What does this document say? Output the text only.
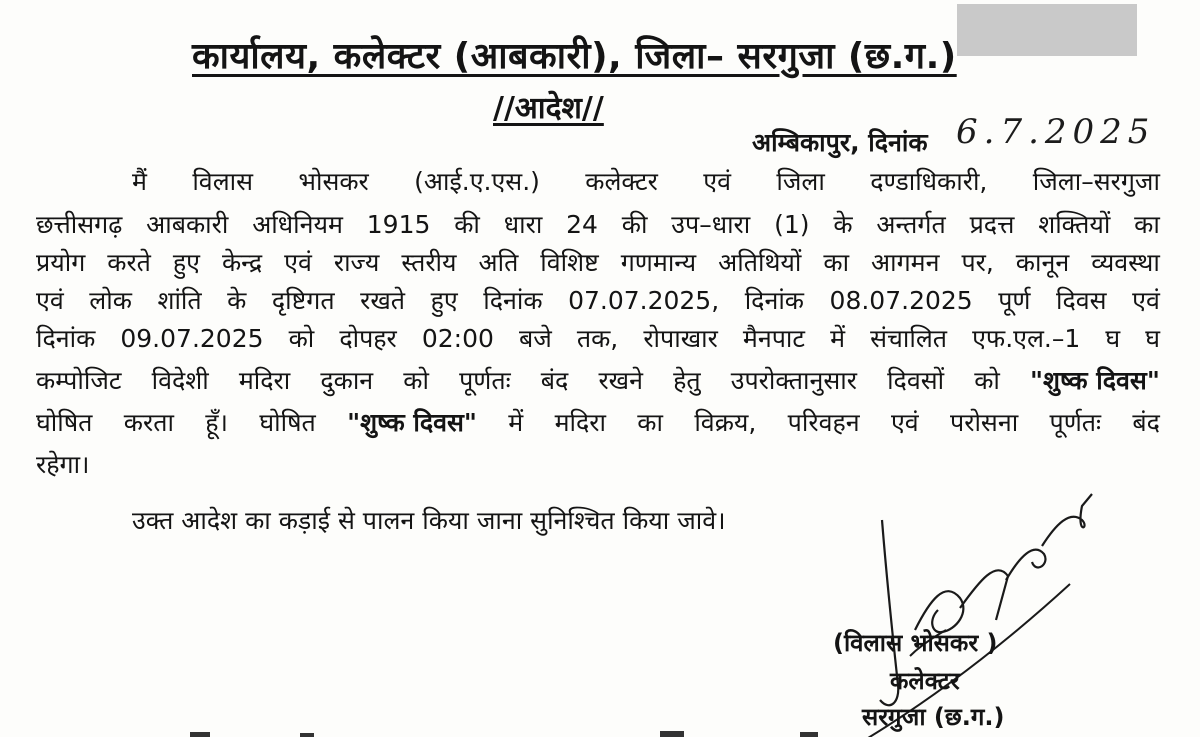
कार्यालय, कलेक्टर (आबकारी), जिला– सरगुजा (छ.ग.)
//आदेश//
अम्बिकापुर, दिनांक 6.7.2025
मैं विलास भोसकर (आई.ए.एस.) कलेक्टर एवं जिला दण्डाधिकारी, जिला–सरगुजा
छत्तीसगढ़ आबकारी अधिनियम 1915 की धारा 24 की उप–धारा (1) के अन्तर्गत प्रदत्त शक्तियों का
प्रयोग करते हुए केन्द्र एवं राज्य स्तरीय अति विशिष्ट गणमान्य अतिथियों का आगमन पर, कानून व्यवस्था
एवं लोक शांति के दृष्टिगत रखते हुए दिनांक 07.07.2025, दिनांक 08.07.2025 पूर्ण दिवस एवं
दिनांक 09.07.2025 को दोपहर 02:00 बजे तक, रोपाखार मैनपाट में संचालित एफ.एल.–1 घ घ
कम्पोजिट विदेशी मदिरा दुकान को पूर्णतः बंद रखने हेतु उपरोक्तानुसार दिवसों को "शुष्क दिवस"
घोषित करता हूँ। घोषित "शुष्क दिवस" में मदिरा का विक्रय, परिवहन एवं परोसना पूर्णतः बंद
रहेगा।
उक्त आदेश का कड़ाई से पालन किया जाना सुनिश्चित किया जावे।
(विलास भोसकर )
कलेक्टर
सरगुजा (छ.ग.)
